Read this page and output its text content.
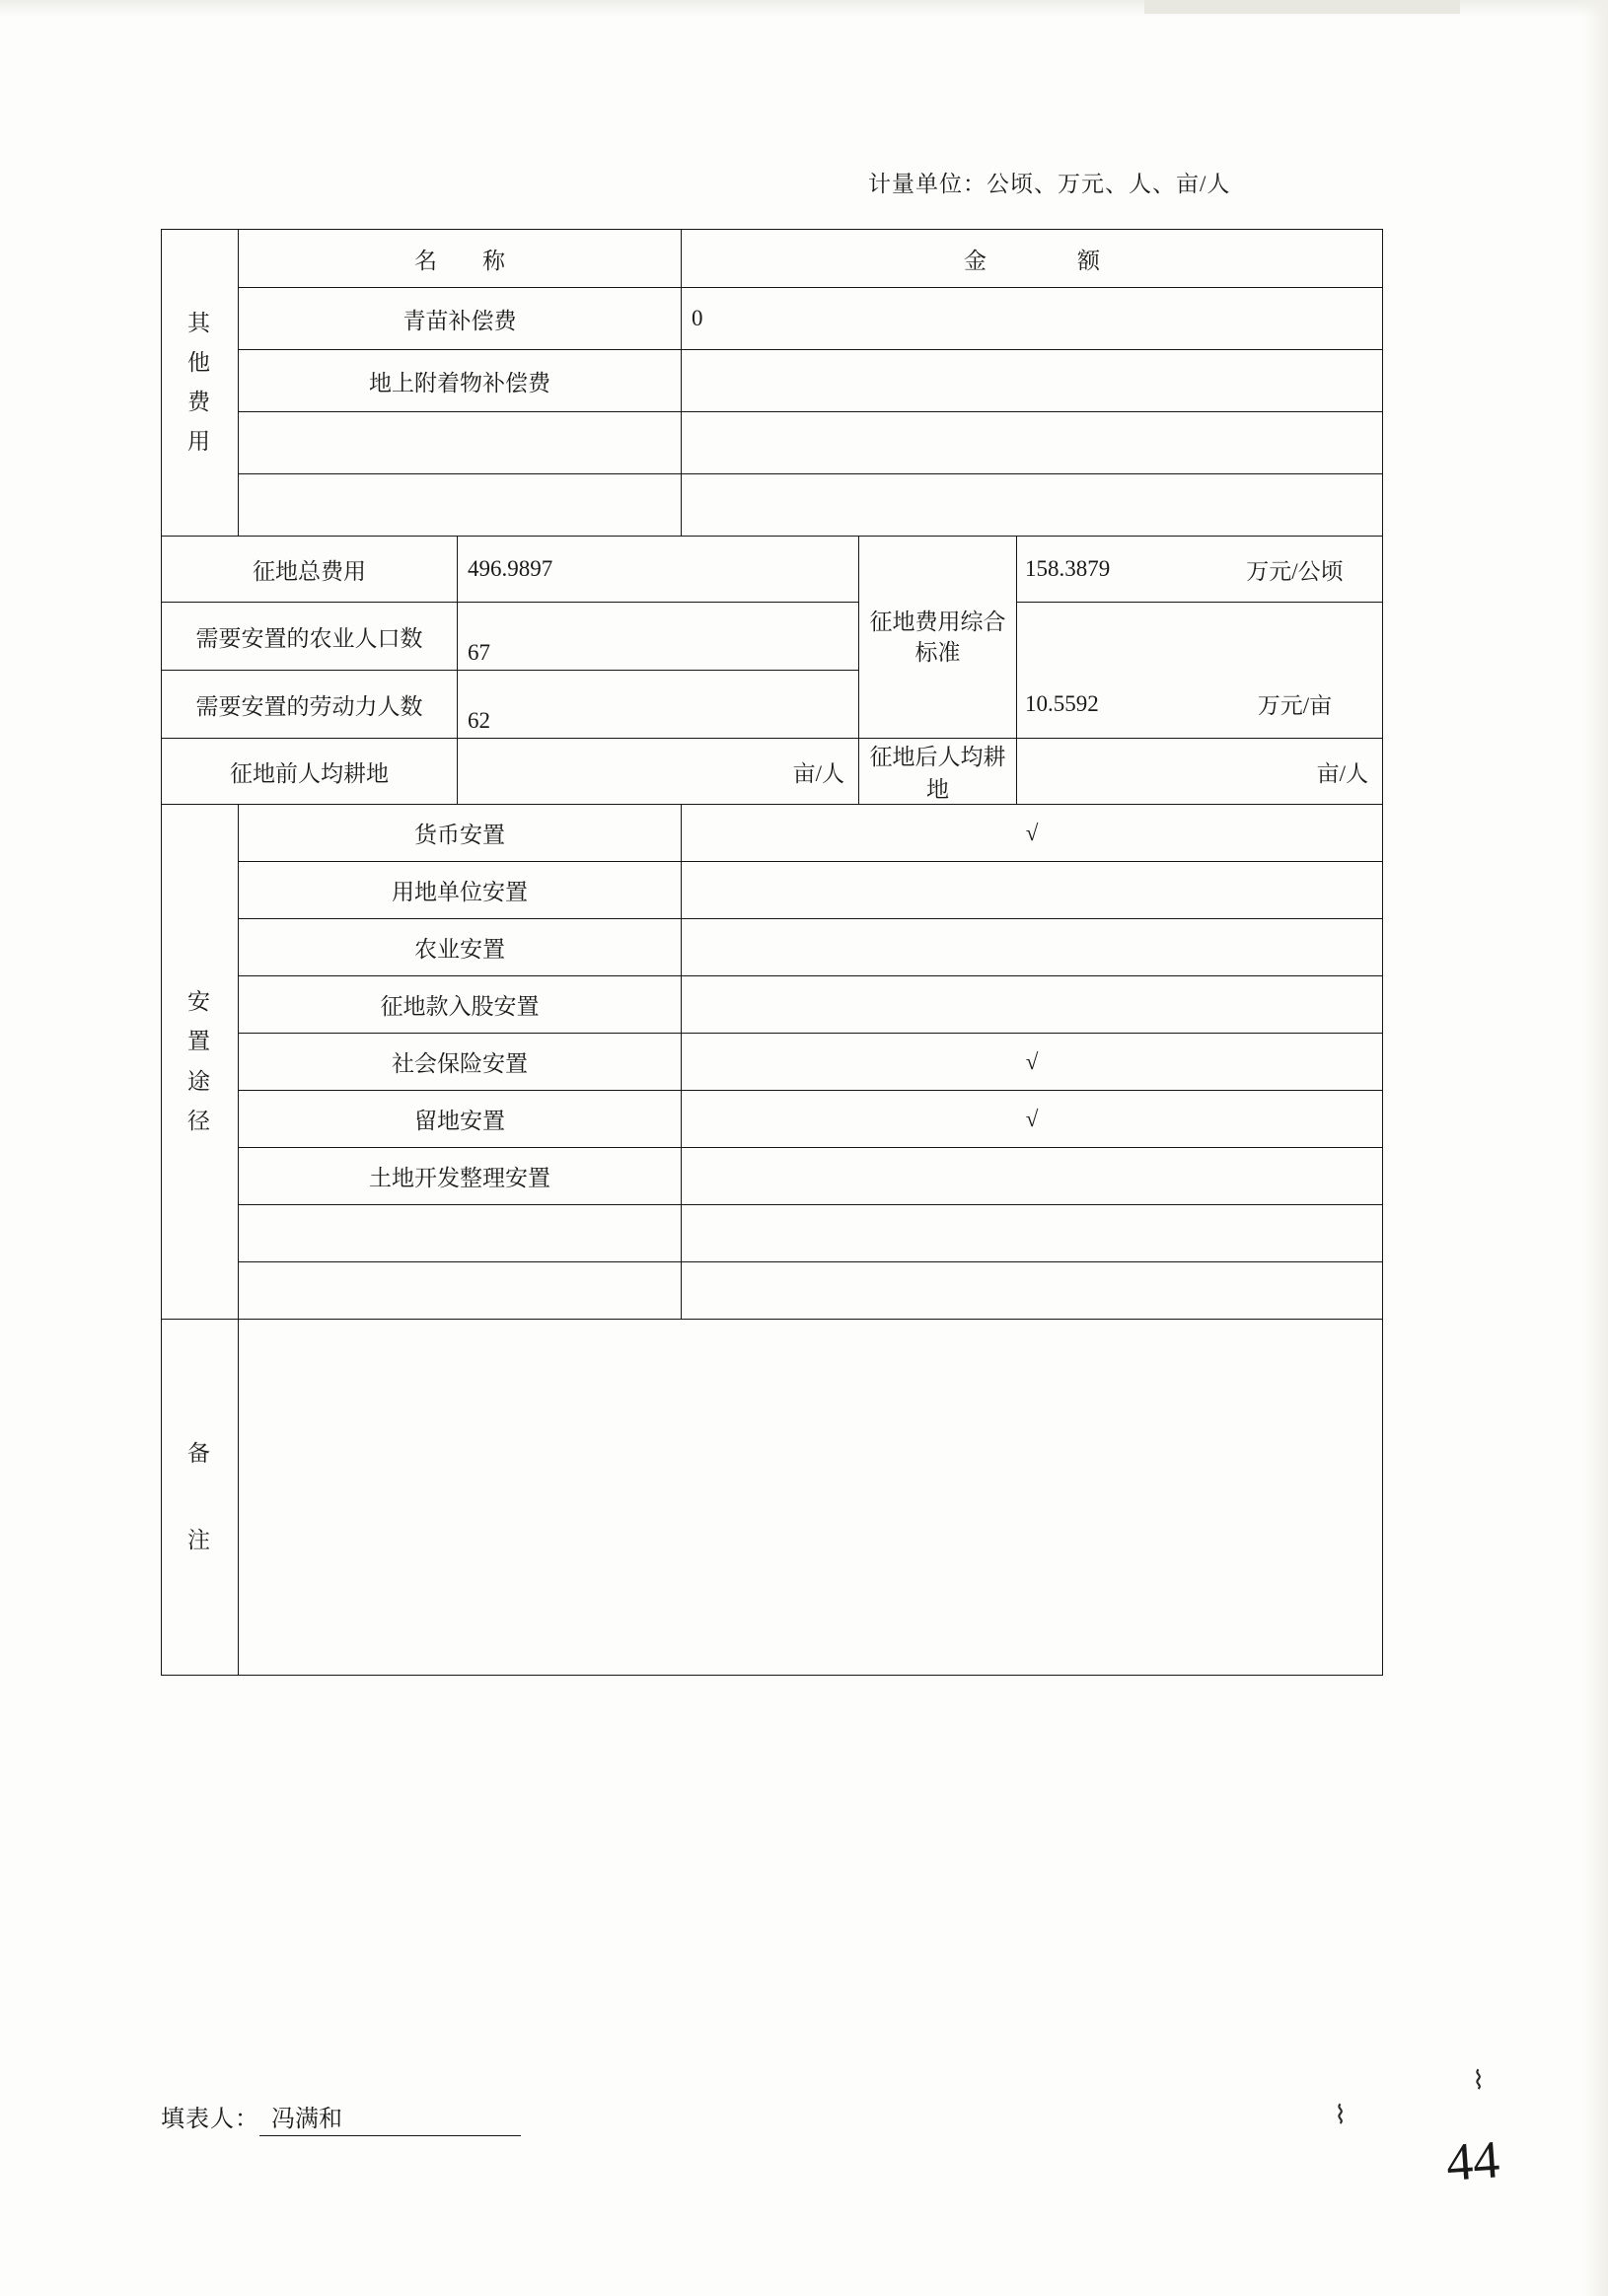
计量单位：公顷、万元、人、亩/人
其
他
费
用	名　　称		金　　　　额		
	青苗补偿费		0		
	地上附着物补偿费				

征地总费用		496.9897		征地费用综合标准	158.3879 万元/公顷

需要安置的农业人口数		67			
需要安置的劳动力人数		62			10.5592 万元/亩

征地前人均耕地		亩/人		征地后人均耕地	亩/人

安
置
途
径	货币安置		√		
	用地单位安置				
	农业安置				
	征地款入股安置				
	社会保险安置		√		
	留地安置		√		
	土地开发整理安置				

备
注					

填表人： 冯满和	⌇
⌇
44
